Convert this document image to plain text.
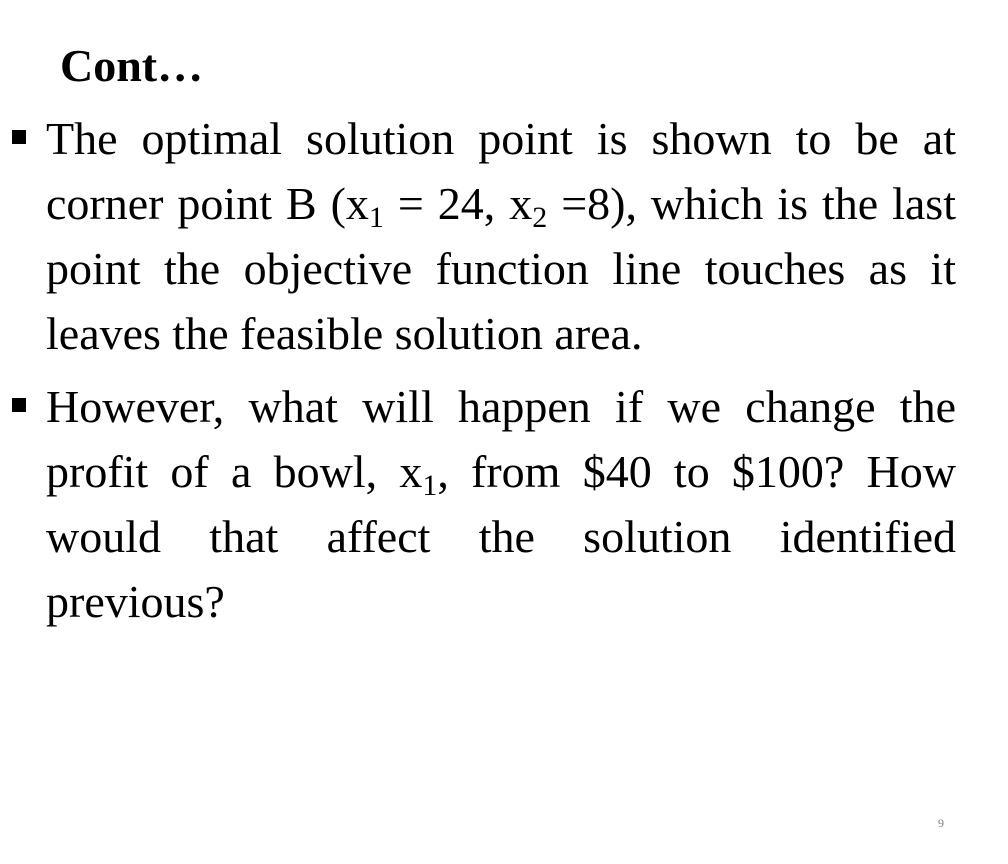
Cont…
The optimal solution point is shown to be at corner point B ($x_1 = 24$, $x_2 =8$), which is the last point the objective function line touches as it leaves the feasible solution area.
However, what will happen if we change the profit of a bowl, $x_1$, from $40 to $100? How would that affect the solution identified previous?
9
